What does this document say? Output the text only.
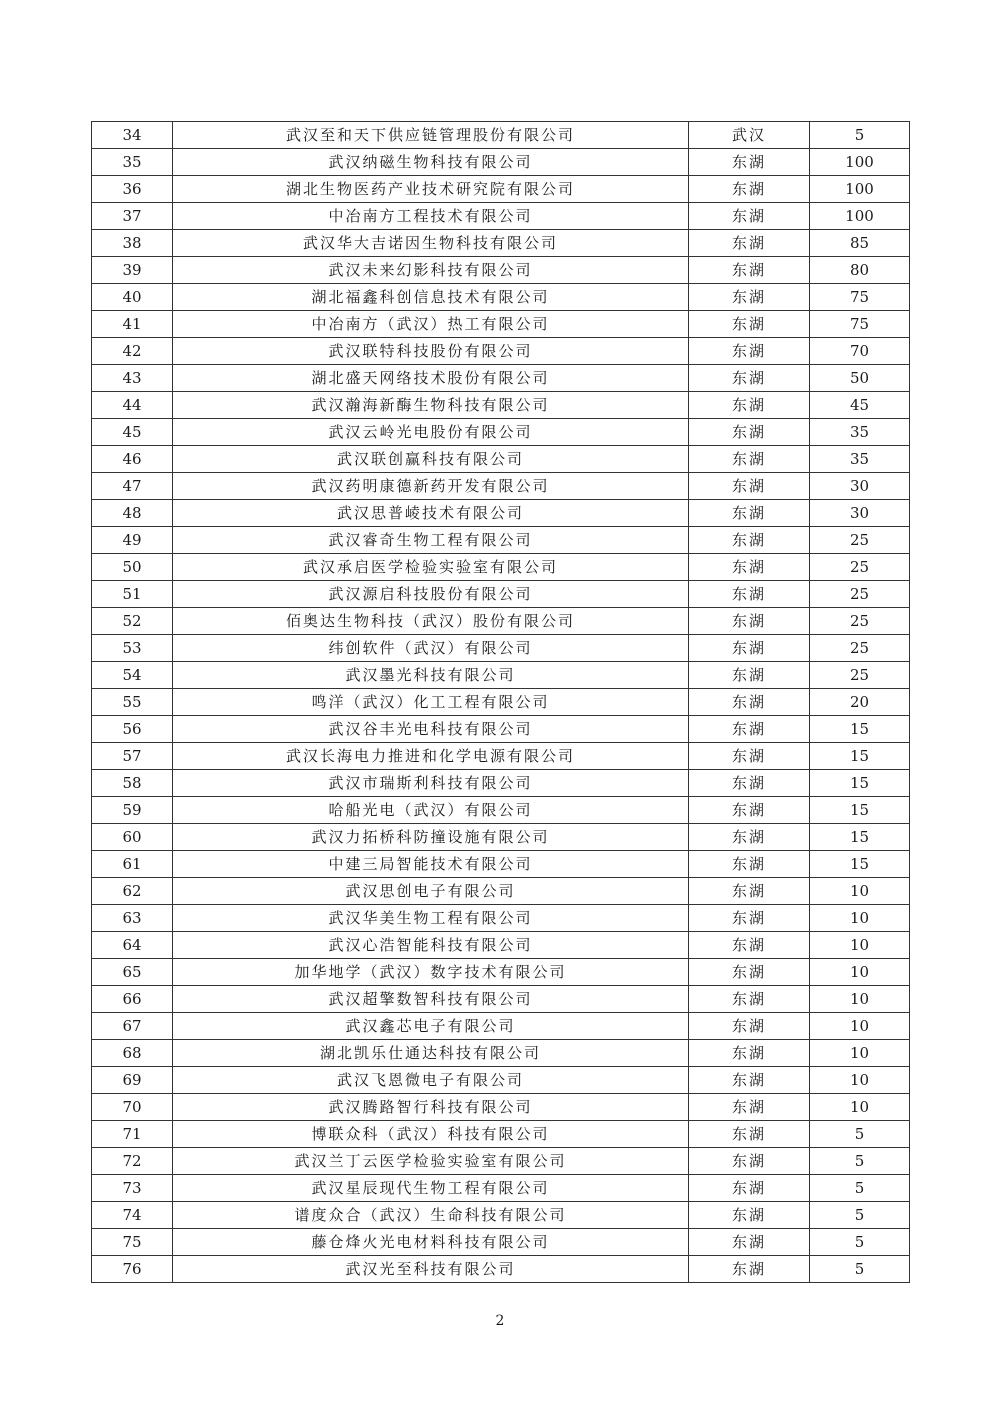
34	武汉至和天下供应链管理股份有限公司	武汉	5
35	武汉纳磁生物科技有限公司	东湖	100
36	湖北生物医药产业技术研究院有限公司	东湖	100
37	中冶南方工程技术有限公司	东湖	100
38	武汉华大吉诺因生物科技有限公司	东湖	85
39	武汉未来幻影科技有限公司	东湖	80
40	湖北福鑫科创信息技术有限公司	东湖	75
41	中冶南方（武汉）热工有限公司	东湖	75
42	武汉联特科技股份有限公司	东湖	70
43	湖北盛天网络技术股份有限公司	东湖	50
44	武汉瀚海新酶生物科技有限公司	东湖	45
45	武汉云岭光电股份有限公司	东湖	35
46	武汉联创赢科技有限公司	东湖	35
47	武汉药明康德新药开发有限公司	东湖	30
48	武汉思普崚技术有限公司	东湖	30
49	武汉睿奇生物工程有限公司	东湖	25
50	武汉承启医学检验实验室有限公司	东湖	25
51	武汉源启科技股份有限公司	东湖	25
52	佰奥达生物科技（武汉）股份有限公司	东湖	25
53	纬创软件（武汉）有限公司	东湖	25
54	武汉墨光科技有限公司	东湖	25
55	鸣洋（武汉）化工工程有限公司	东湖	20
56	武汉谷丰光电科技有限公司	东湖	15
57	武汉长海电力推进和化学电源有限公司	东湖	15
58	武汉市瑞斯利科技有限公司	东湖	15
59	哈船光电（武汉）有限公司	东湖	15
60	武汉力拓桥科防撞设施有限公司	东湖	15
61	中建三局智能技术有限公司	东湖	15
62	武汉思创电子有限公司	东湖	10
63	武汉华美生物工程有限公司	东湖	10
64	武汉心浩智能科技有限公司	东湖	10
65	加华地学（武汉）数字技术有限公司	东湖	10
66	武汉超擎数智科技有限公司	东湖	10
67	武汉鑫芯电子有限公司	东湖	10
68	湖北凯乐仕通达科技有限公司	东湖	10
69	武汉飞恩微电子有限公司	东湖	10
70	武汉腾路智行科技有限公司	东湖	10
71	博联众科（武汉）科技有限公司	东湖	5
72	武汉兰丁云医学检验实验室有限公司	东湖	5
73	武汉星辰现代生物工程有限公司	东湖	5
74	谱度众合（武汉）生命科技有限公司	东湖	5
75	藤仓烽火光电材料科技有限公司	东湖	5
76	武汉光至科技有限公司	东湖	5
2
